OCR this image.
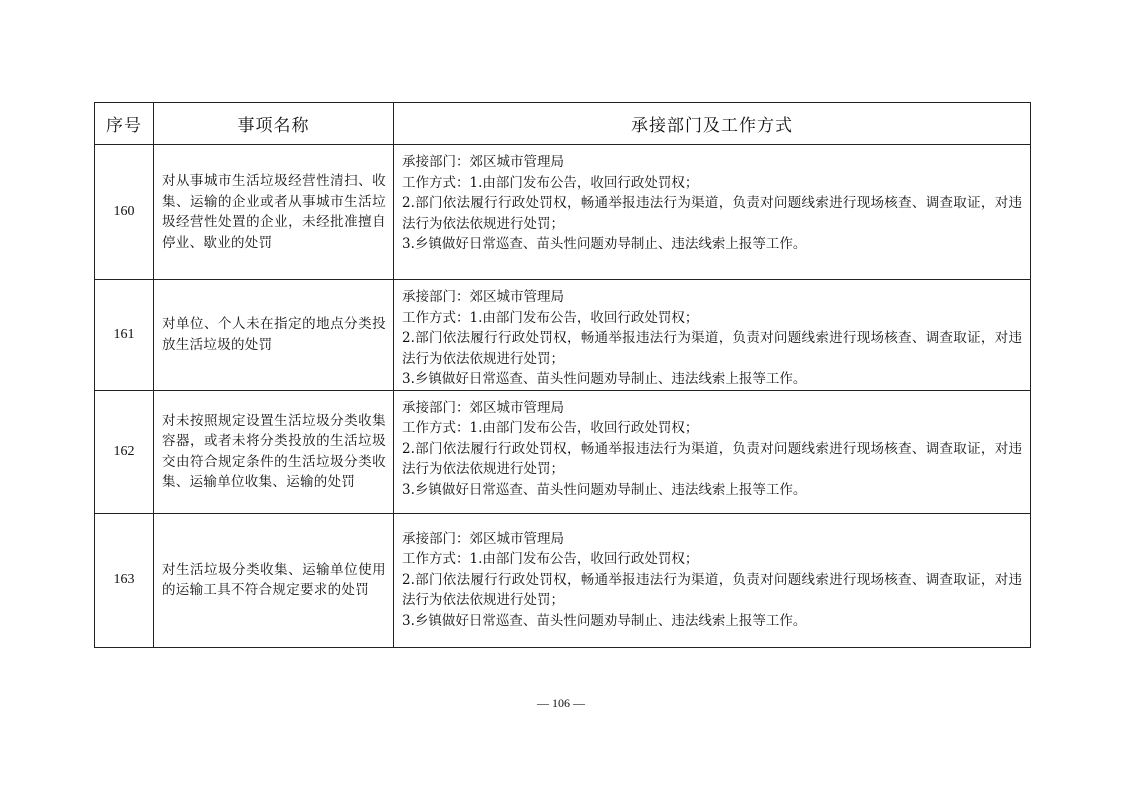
序号	事项名称	承接部门及工作方式
160	对从事城市生活垃圾经营性清扫、收集、运输的企业或者从事城市生活垃圾经营性处置的企业，未经批准擅自停业、歇业的处罚	承接部门：郊区城市管理局
工作方式：1.由部门发布公告，收回行政处罚权；
2.部门依法履行行政处罚权，畅通举报违法行为渠道，负责对问题线索进行现场核查、调查取证，对违法行为依法依规进行处罚；
3.乡镇做好日常巡查、苗头性问题劝导制止、违法线索上报等工作。

161	对单位、个人未在指定的地点分类投放生活垃圾的处罚	承接部门：郊区城市管理局
工作方式：1.由部门发布公告，收回行政处罚权；
2.部门依法履行行政处罚权，畅通举报违法行为渠道，负责对问题线索进行现场核查、调查取证，对违法行为依法依规进行处罚；
3.乡镇做好日常巡查、苗头性问题劝导制止、违法线索上报等工作。

162	对未按照规定设置生活垃圾分类收集容器，或者未将分类投放的生活垃圾交由符合规定条件的生活垃圾分类收集、运输单位收集、运输的处罚	承接部门：郊区城市管理局
工作方式：1.由部门发布公告，收回行政处罚权；
2.部门依法履行行政处罚权，畅通举报违法行为渠道，负责对问题线索进行现场核查、调查取证，对违法行为依法依规进行处罚；
3.乡镇做好日常巡查、苗头性问题劝导制止、违法线索上报等工作。

163	对生活垃圾分类收集、运输单位使用的运输工具不符合规定要求的处罚	承接部门：郊区城市管理局
工作方式：1.由部门发布公告，收回行政处罚权；
2.部门依法履行行政处罚权，畅通举报违法行为渠道，负责对问题线索进行现场核查、调查取证，对违法行为依法依规进行处罚；
3.乡镇做好日常巡查、苗头性问题劝导制止、违法线索上报等工作。
— 106 —
